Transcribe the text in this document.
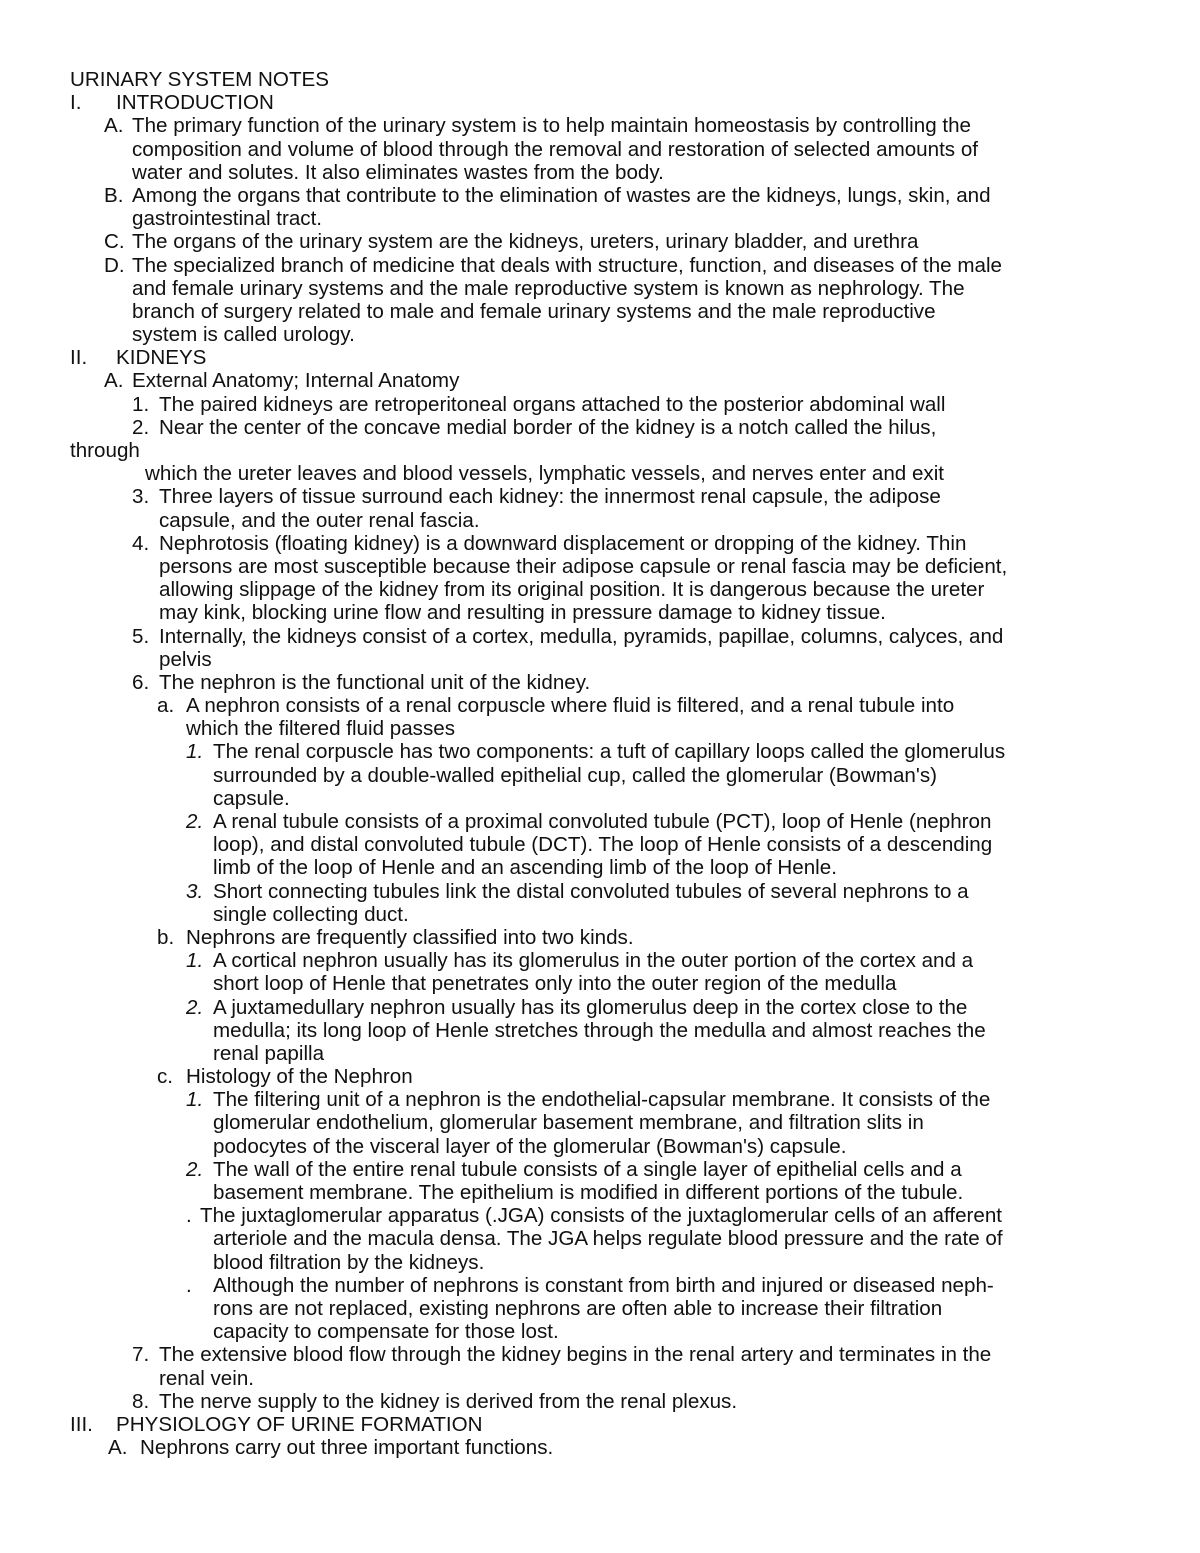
URINARY SYSTEM NOTES
I. INTRODUCTION
A. The primary function of the urinary system is to help maintain homeostasis by controlling the
composition and volume of blood through the removal and restoration of selected amounts of
water and solutes. It also eliminates wastes from the body.
B. Among the organs that contribute to the elimination of wastes are the kidneys, lungs, skin, and
gastrointestinal tract.
C. The organs of the urinary system are the kidneys, ureters, urinary bladder, and urethra
D. The specialized branch of medicine that deals with structure, function, and diseases of the male
and female urinary systems and the male reproductive system is known as nephrology. The
branch of surgery related to male and female urinary systems and the male reproductive
system is called urology.
II. KIDNEYS
A. External Anatomy; Internal Anatomy
1. The paired kidneys are retroperitoneal organs attached to the posterior abdominal wall
2. Near the center of the concave medial border of the kidney is a notch called the hilus,
through
which the ureter leaves and blood vessels, lymphatic vessels, and nerves enter and exit
3. Three layers of tissue surround each kidney: the innermost renal capsule, the adipose
capsule, and the outer renal fascia.
4. Nephrotosis (floating kidney) is a downward displacement or dropping of the kidney. Thin
persons are most susceptible because their adipose capsule or renal fascia may be deficient,
allowing slippage of the kidney from its original position. It is dangerous because the ureter
may kink, blocking urine flow and resulting in pressure damage to kidney tissue.
5. Internally, the kidneys consist of a cortex, medulla, pyramids, papillae, columns, calyces, and
pelvis
6. The nephron is the functional unit of the kidney.
a. A nephron consists of a renal corpuscle where fluid is filtered, and a renal tubule into
which the filtered fluid passes
1. The renal corpuscle has two components: a tuft of capillary loops called the glomerulus
surrounded by a double-walled epithelial cup, called the glomerular (Bowman's)
capsule.
2. A renal tubule consists of a proximal convoluted tubule (PCT), loop of Henle (nephron
loop), and distal convoluted tubule (DCT). The loop of Henle consists of a descending
limb of the loop of Henle and an ascending limb of the loop of Henle.
3. Short connecting tubules link the distal convoluted tubules of several nephrons to a
single collecting duct.
b. Nephrons are frequently classified into two kinds.
1. A cortical nephron usually has its glomerulus in the outer portion of the cortex and a
short loop of Henle that penetrates only into the outer region of the medulla
2. A juxtamedullary nephron usually has its glomerulus deep in the cortex close to the
medulla; its long loop of Henle stretches through the medulla and almost reaches the
renal papilla
c. Histology of the Nephron
1. The filtering unit of a nephron is the endothelial-capsular membrane. It consists of the
glomerular endothelium, glomerular basement membrane, and filtration slits in
podocytes of the visceral layer of the glomerular (Bowman's) capsule.
2. The wall of the entire renal tubule consists of a single layer of epithelial cells and a
basement membrane. The epithelium is modified in different portions of the tubule.
. The juxtaglomerular apparatus (.JGA) consists of the juxtaglomerular cells of an afferent
arteriole and the macula densa. The JGA helps regulate blood pressure and the rate of
blood filtration by the kidneys.
. Although the number of nephrons is constant from birth and injured or diseased neph-
rons are not replaced, existing nephrons are often able to increase their filtration
capacity to compensate for those lost.
7. The extensive blood flow through the kidney begins in the renal artery and terminates in the
renal vein.
8. The nerve supply to the kidney is derived from the renal plexus.
III. PHYSIOLOGY OF URINE FORMATION
A. Nephrons carry out three important functions.
